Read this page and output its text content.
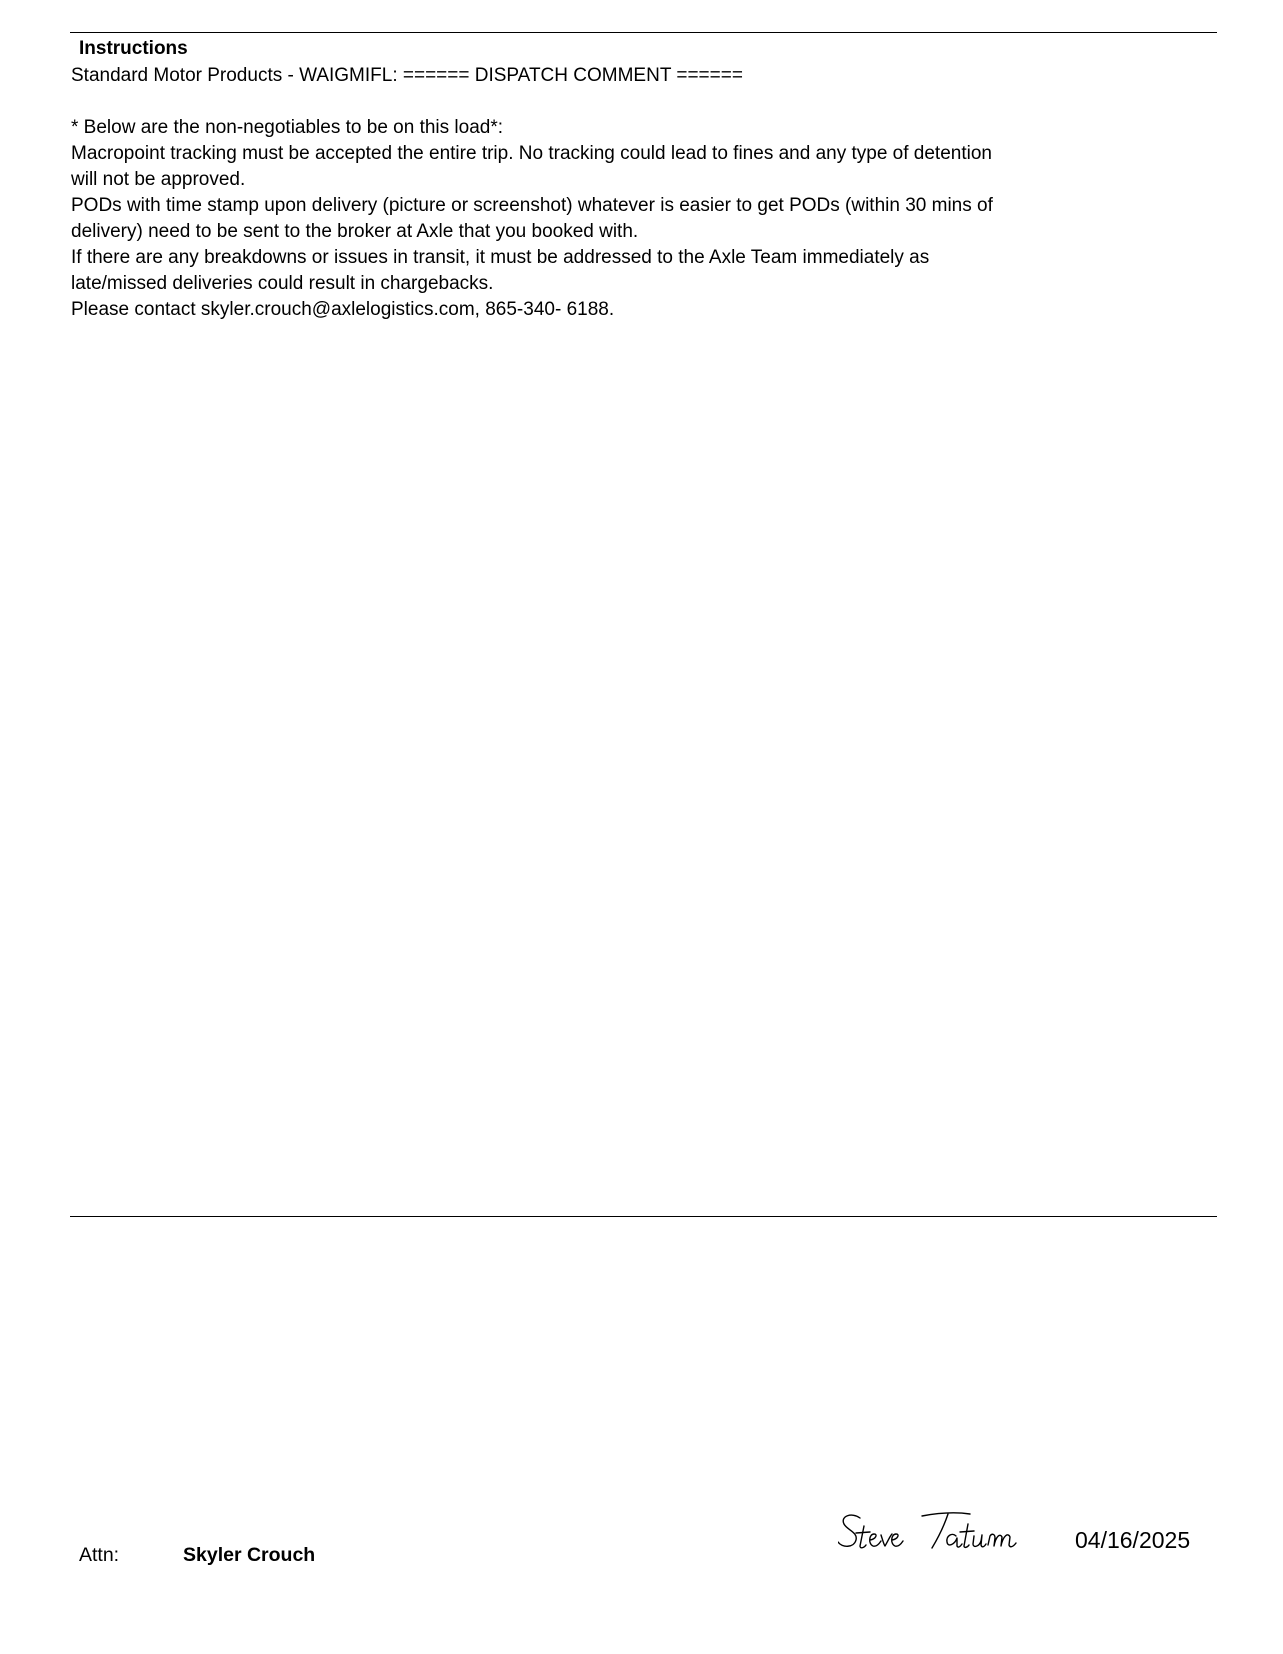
Instructions
Standard Motor Products - WAIGMIFL: ====== DISPATCH COMMENT ======
* Below are the non-negotiables to be on this load*:
Macropoint tracking must be accepted the entire trip. No tracking could lead to fines and any type of detention
will not be approved.
PODs with time stamp upon delivery (picture or screenshot) whatever is easier to get PODs (within 30 mins of
delivery) need to be sent to the broker at Axle that you booked with.
If there are any breakdowns or issues in transit, it must be addressed to the Axle Team immediately as
late/missed deliveries could result in chargebacks.
Please contact skyler.crouch@axlelogistics.com, 865-340- 6188.
Attn:	Skyler Crouch
04/16/2025
